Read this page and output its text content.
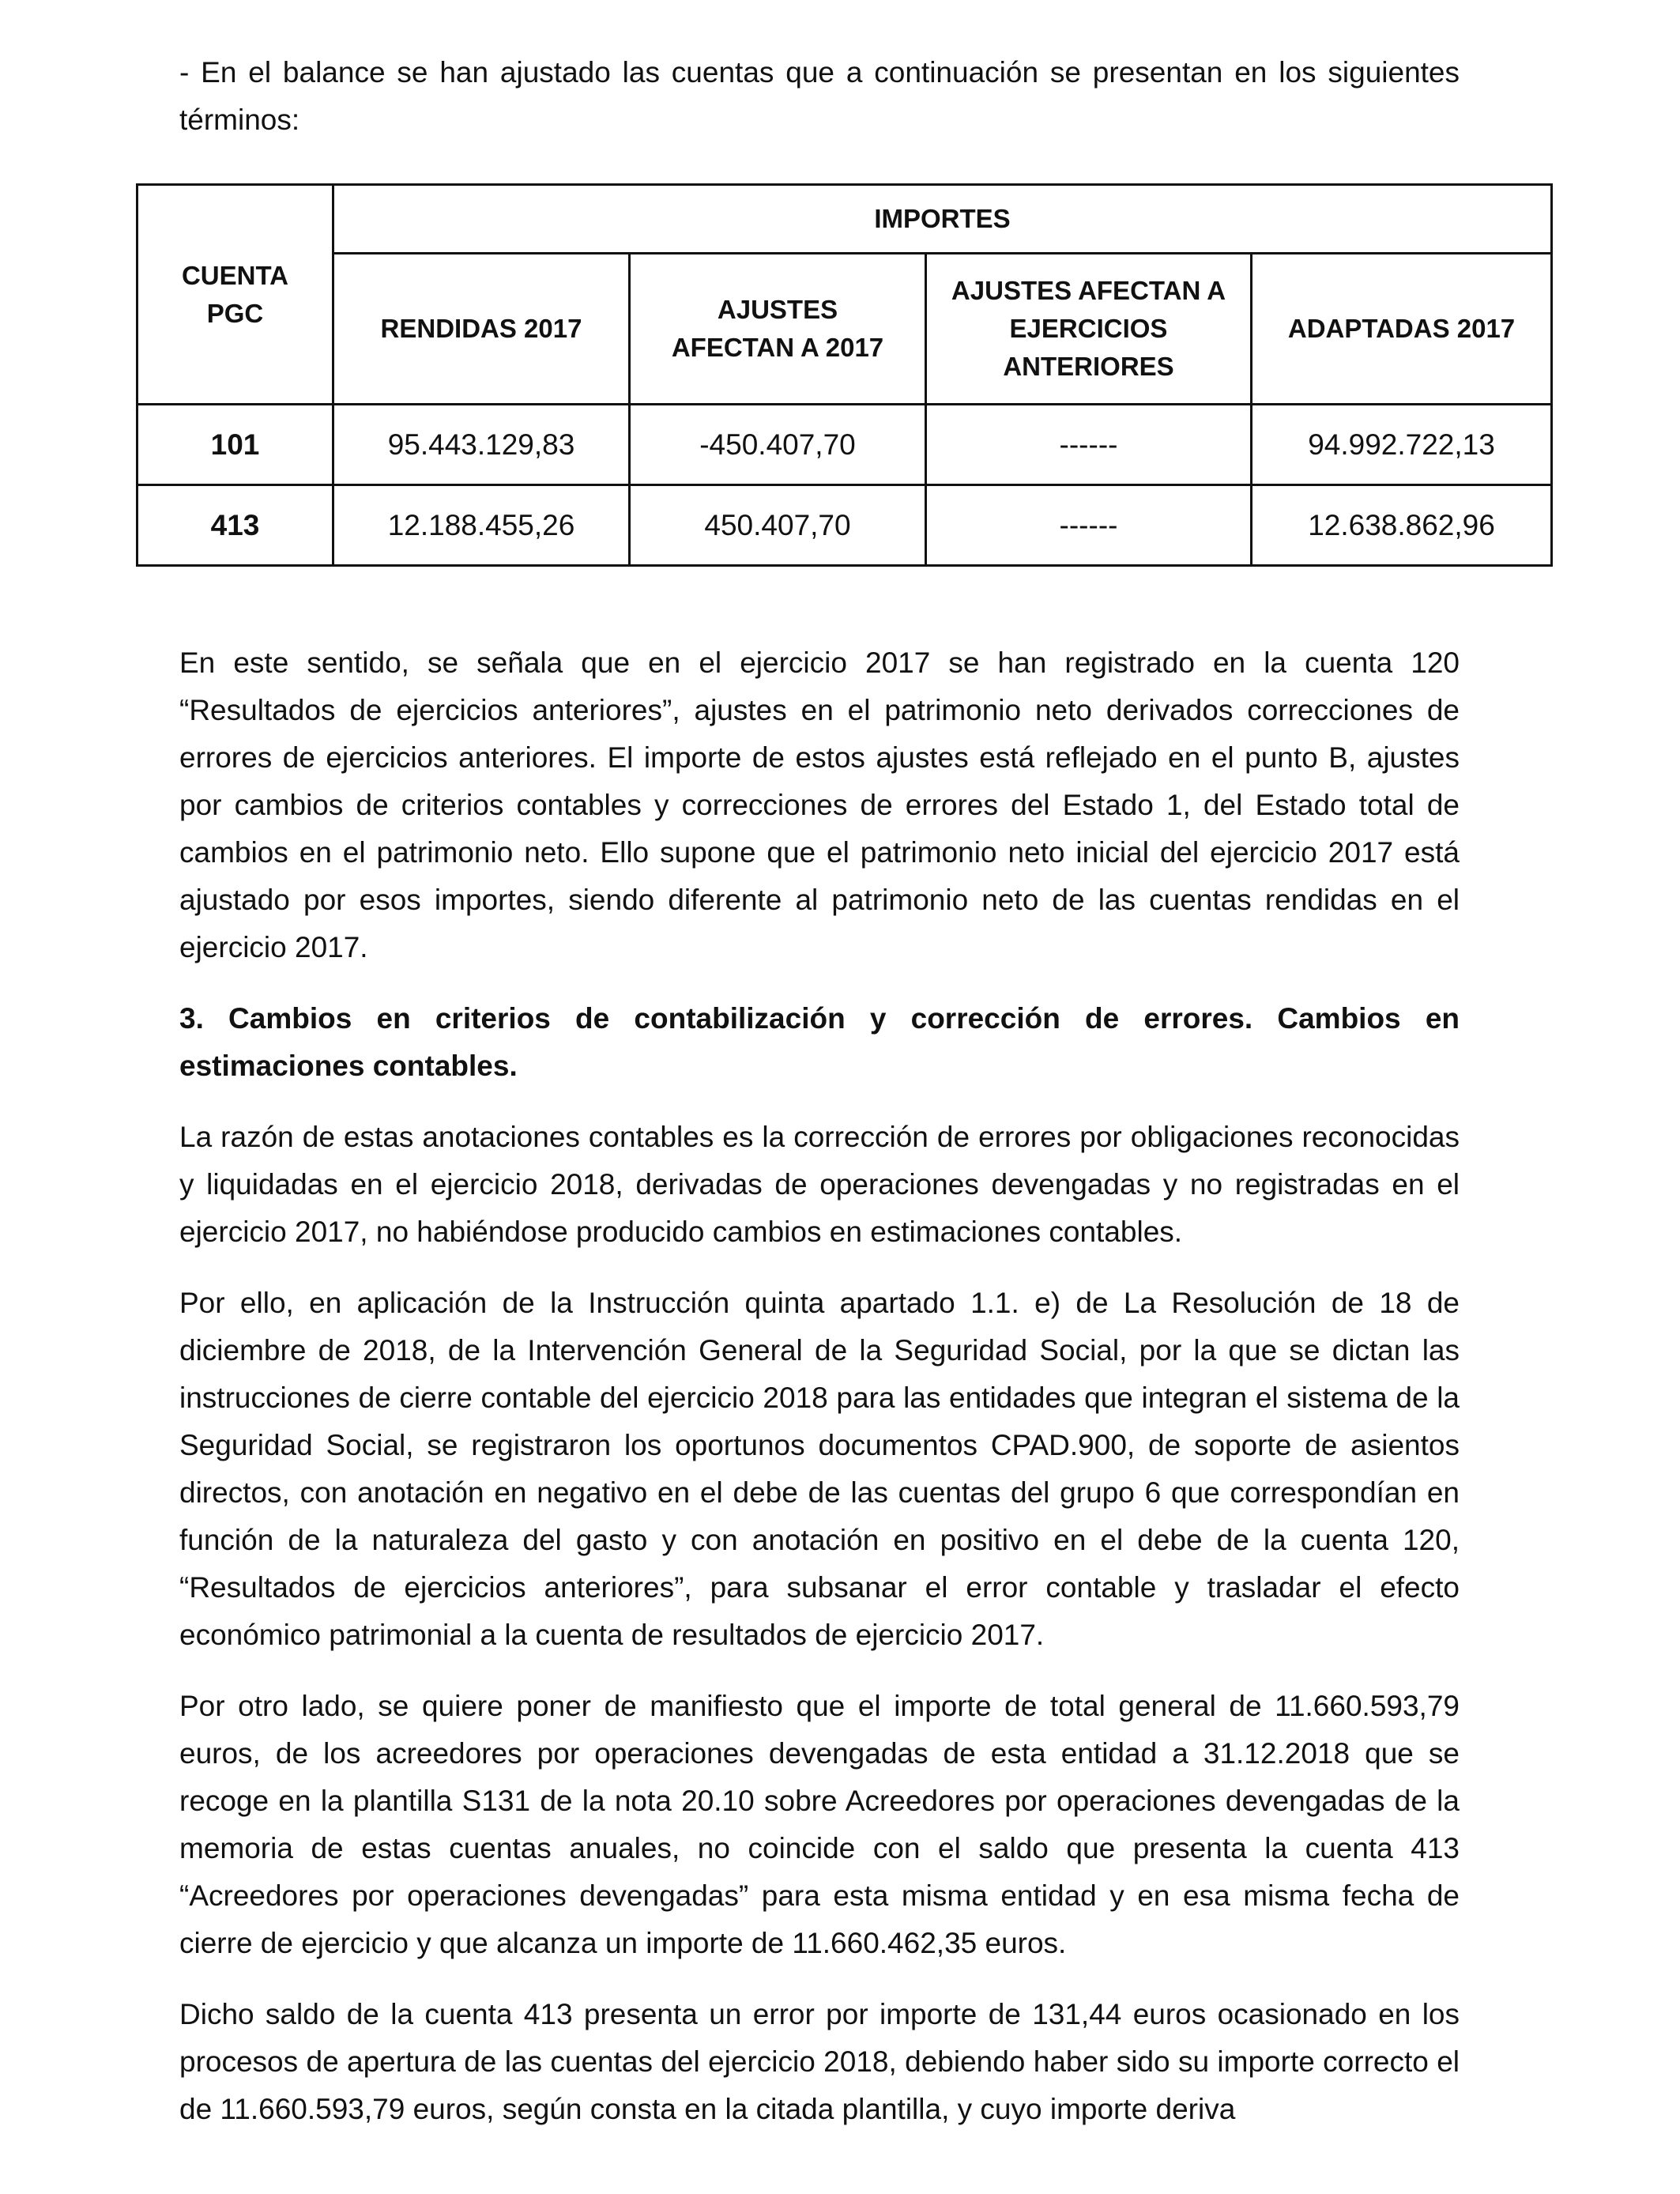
- En el balance se han ajustado las cuentas que a continuación se presentan en los siguientes términos:

CUENTA PGC	IMPORTES			
	RENDIDAS 2017	AJUSTES AFECTAN A 2017	AJUSTES AFECTAN A EJERCICIOS ANTERIORES	ADAPTADAS 2017
101	95.443.129,83	-450.407,70	------	94.992.722,13
413	12.188.455,26	450.407,70	------	12.638.862,96

En este sentido, se señala que en el ejercicio 2017 se han registrado en la cuenta 120 “Resultados de ejercicios anteriores”, ajustes en el patrimonio neto derivados correcciones de errores de ejercicios anteriores. El importe de estos ajustes está reflejado en el punto B, ajustes por cambios de criterios contables y correcciones de errores del Estado 1, del Estado total de cambios en el patrimonio neto. Ello supone que el patrimonio neto inicial del ejercicio 2017 está ajustado por esos importes, siendo diferente al patrimonio neto de las cuentas rendidas en el ejercicio 2017.

3. Cambios en criterios de contabilización y corrección de errores. Cambios en estimaciones contables.

La razón de estas anotaciones contables es la corrección de errores por obligaciones reconocidas y liquidadas en el ejercicio 2018, derivadas de operaciones devengadas y no registradas en el ejercicio 2017, no habiéndose producido cambios en estimaciones contables.

Por ello, en aplicación de la Instrucción quinta apartado 1.1. e) de La Resolución de 18 de diciembre de 2018, de la Intervención General de la Seguridad Social, por la que se dictan las instrucciones de cierre contable del ejercicio 2018 para las entidades que integran el sistema de la Seguridad Social, se registraron los oportunos documentos CPAD.900, de soporte de asientos directos, con anotación en negativo en el debe de las cuentas del grupo 6 que correspondían en función de la naturaleza del gasto y con anotación en positivo en el debe de la cuenta 120, “Resultados de ejercicios anteriores”, para subsanar el error contable y trasladar el efecto económico patrimonial a la cuenta de resultados de ejercicio 2017.

Por otro lado, se quiere poner de manifiesto que el importe de total general de 11.660.593,79 euros, de los acreedores por operaciones devengadas de esta entidad a 31.12.2018 que se recoge en la plantilla S131 de la nota 20.10 sobre Acreedores por operaciones devengadas de la memoria de estas cuentas anuales, no coincide con el saldo que presenta la cuenta 413 “Acreedores por operaciones devengadas” para esta misma entidad y en esa misma fecha de cierre de ejercicio y que alcanza un importe de 11.660.462,35 euros.

Dicho saldo de la cuenta 413 presenta un error por importe de 131,44 euros ocasionado en los procesos de apertura de las cuentas del ejercicio 2018, debiendo haber sido su importe correcto el de 11.660.593,79 euros, según consta en la citada plantilla, y cuyo importe deriva
